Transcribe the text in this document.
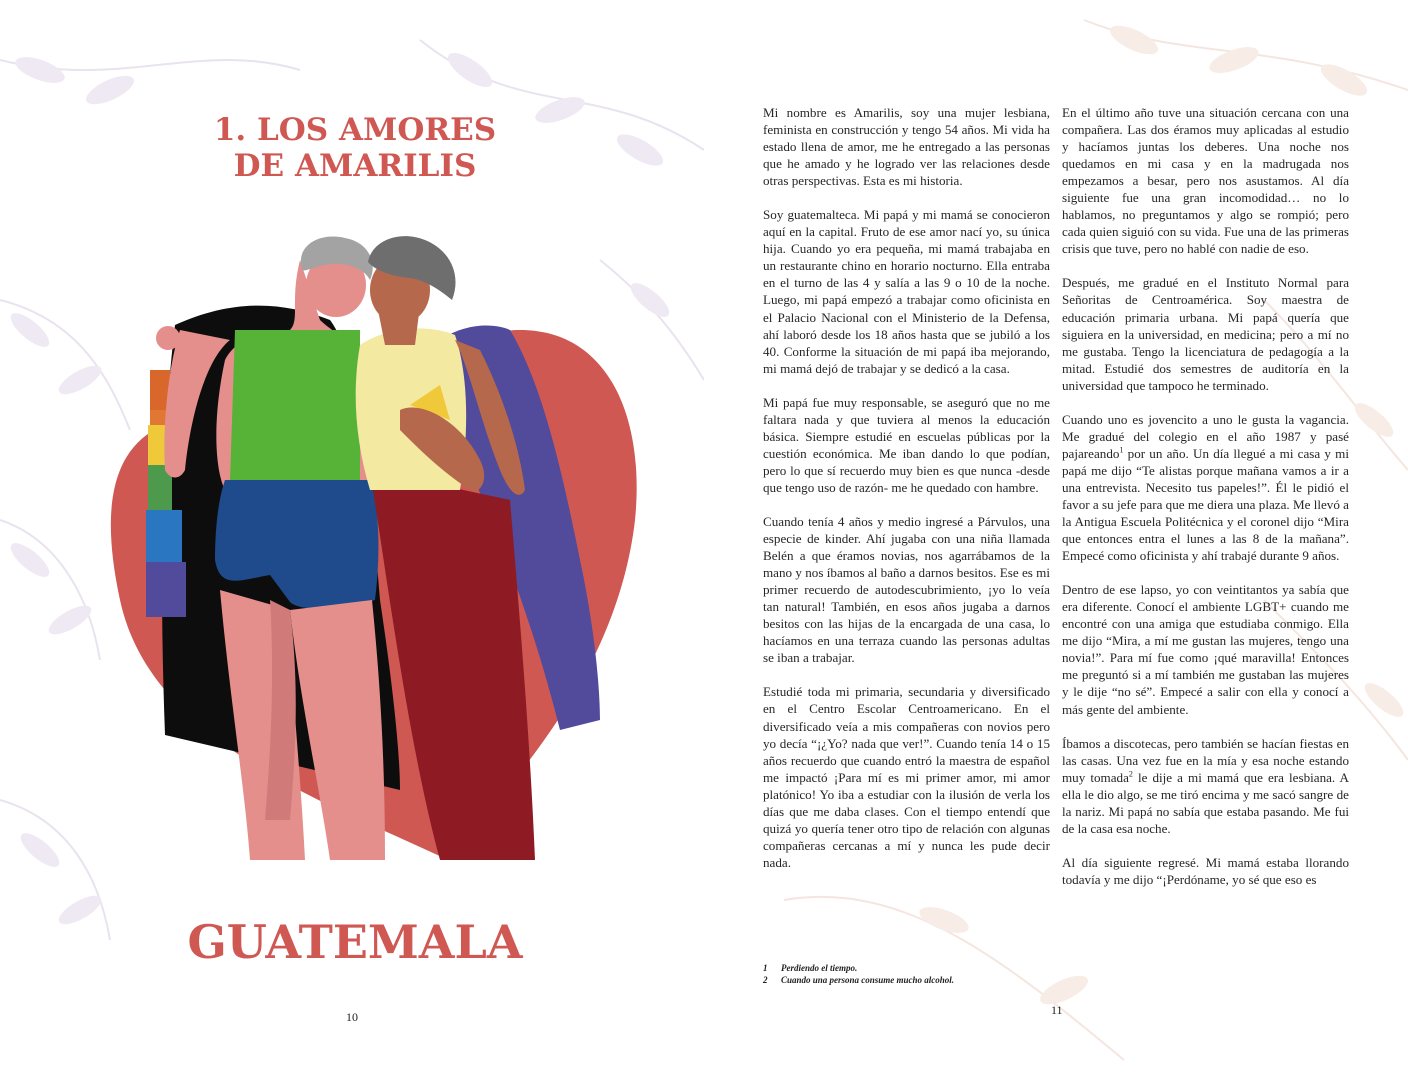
1. LOS AMORES
DE AMARILIS
GUATEMALA
10

Mi nombre es Amarilis, soy una mujer lesbiana, feminista en construcción y tengo 54 años. Mi vida ha estado llena de amor, me he entregado a las personas que he amado y he logrado ver las relaciones desde otras perspectivas. Esta es mi historia.

Soy guatemalteca. Mi papá y mi mamá se conocieron aquí en la capital. Fruto de ese amor nací yo, su única hija. Cuando yo era pequeña, mi mamá trabajaba en un restaurante chino en horario nocturno. Ella entraba en el turno de las 4 y salía a las 9 o 10 de la noche. Luego, mi papá empezó a trabajar como oficinista en el Palacio Nacional con el Ministerio de la Defensa, ahí laboró desde los 18 años hasta que se jubiló a los 40. Conforme la situación de mi papá iba mejorando, mi mamá dejó de trabajar y se dedicó a la casa.

Mi papá fue muy responsable, se aseguró que no me faltara nada y que tuviera al menos la educación básica. Siempre estudié en escuelas públicas por la cuestión económica. Me iban dando lo que podían, pero lo que sí recuerdo muy bien es que nunca -desde que tengo uso de razón- me he quedado con hambre.

Cuando tenía 4 años y medio ingresé a Párvulos, una especie de kinder. Ahí jugaba con una niña llamada Belén a que éramos novias, nos agarrábamos de la mano y nos íbamos al baño a darnos besitos. Ese es mi primer recuerdo de autodescubrimiento, ¡yo lo veía tan natural! También, en esos años jugaba a darnos besitos con las hijas de la encargada de una casa, lo hacíamos en una terraza cuando las personas adultas se iban a trabajar.

Estudié toda mi primaria, secundaria y diversificado en el Centro Escolar Centroamericano. En el diversificado veía a mis compañeras con novios pero yo decía “¡¿Yo? nada que ver!”. Cuando tenía 14 o 15 años recuerdo que cuando entró la maestra de español me impactó ¡Para mí es mi primer amor, mi amor platónico! Yo iba a estudiar con la ilusión de verla los días que me daba clases. Con el tiempo entendí que quizá yo quería tener otro tipo de relación con algunas compañeras cercanas a mí y nunca les pude decir nada.

En el último año tuve una situación cercana con una compañera. Las dos éramos muy aplicadas al estudio y hacíamos juntas los deberes. Una noche nos quedamos en mi casa y en la madrugada nos empezamos a besar, pero nos asustamos. Al día siguiente fue una gran incomodidad… no lo hablamos, no preguntamos y algo se rompió; pero cada quien siguió con su vida. Fue una de las primeras crisis que tuve, pero no hablé con nadie de eso.

Después, me gradué en el Instituto Normal para Señoritas de Centroamérica. Soy maestra de educación primaria urbana. Mi papá quería que siguiera en la universidad, en medicina; pero a mí no me gustaba. Tengo la licenciatura de pedagogía a la mitad. Estudié dos semestres de auditoría en la universidad que tampoco he terminado.

Cuando uno es jovencito a uno le gusta la vagancia. Me gradué del colegio en el año 1987 y pasé pajareando$^1$ por un año. Un día llegué a mi casa y mi papá me dijo “Te alistas porque mañana vamos a ir a una entrevista. Necesito tus papeles!”. Él le pidió el favor a su jefe para que me diera una plaza. Me llevó a la Antigua Escuela Politécnica y el coronel dijo “Mira que entonces entra el lunes a las 8 de la mañana”. Empecé como oficinista y ahí trabajé durante 9 años.

Dentro de ese lapso, yo con veintitantos ya sabía que era diferente. Conocí el ambiente LGBT+ cuando me encontré con una amiga que estudiaba conmigo. Ella me dijo “Mira, a mí me gustan las mujeres, tengo una novia!”. Para mí fue como ¡qué maravilla! Entonces me preguntó si a mí también me gustaban las mujeres y le dije “no sé”. Empecé a salir con ella y conocí a más gente del ambiente.

Íbamos a discotecas, pero también se hacían fiestas en las casas. Una vez fue en la mía y esa noche estando muy tomada$^2$ le dije a mi mamá que era lesbiana. A ella le dio algo, se me tiró encima y me sacó sangre de la nariz. Mi papá no sabía que estaba pasando. Me fui de la casa esa noche.

Al día siguiente regresé. Mi mamá estaba llorando todavía y me dijo “¡Perdóname, yo sé que eso es

1 Perdiendo el tiempo.
2 Cuando una persona consume mucho alcohol.
11
